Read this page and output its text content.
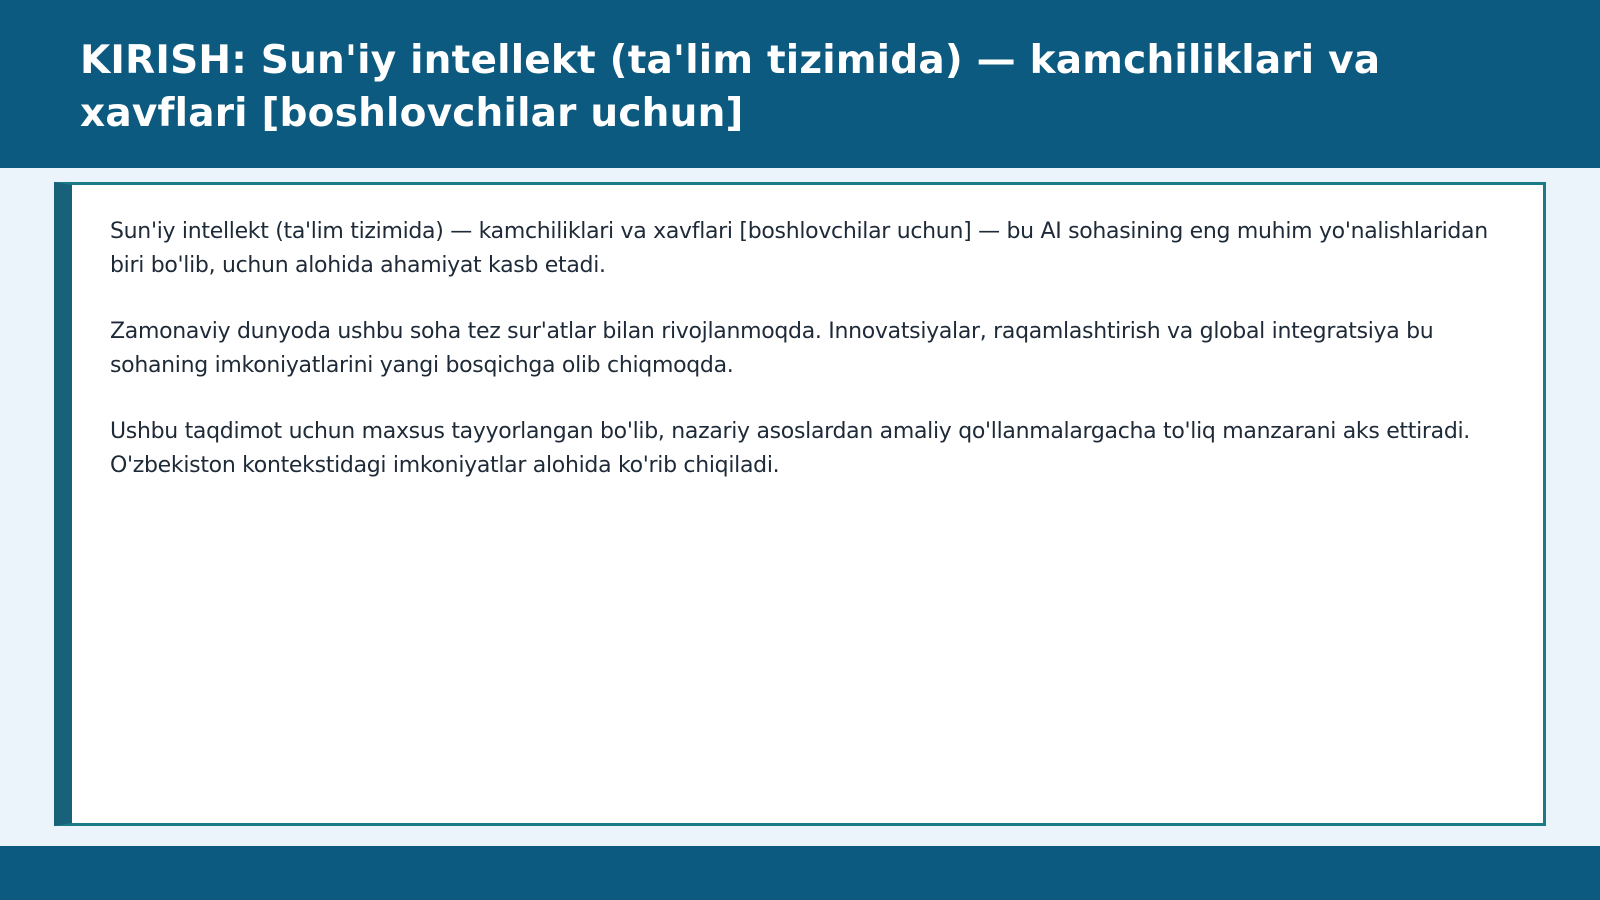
KIRISH: Sun'iy intellekt (ta'lim tizimida) — kamchiliklari va xavflari [boshlovchilar uchun]

Sun'iy intellekt (ta'lim tizimida) — kamchiliklari va xavflari [boshlovchilar uchun] — bu AI sohasining eng muhim yo'nalishlaridan biri bo'lib, uchun alohida ahamiyat kasb etadi.

Zamonaviy dunyoda ushbu soha tez sur'atlar bilan rivojlanmoqda. Innovatsiyalar, raqamlashtirish va global integratsiya bu sohaning imkoniyatlarini yangi bosqichga olib chiqmoqda.

Ushbu taqdimot uchun maxsus tayyorlangan bo'lib, nazariy asoslardan amaliy qo'llanmalargacha to'liq manzarani aks ettiradi. O'zbekiston kontekstidagi imkoniyatlar alohida ko'rib chiqiladi.
